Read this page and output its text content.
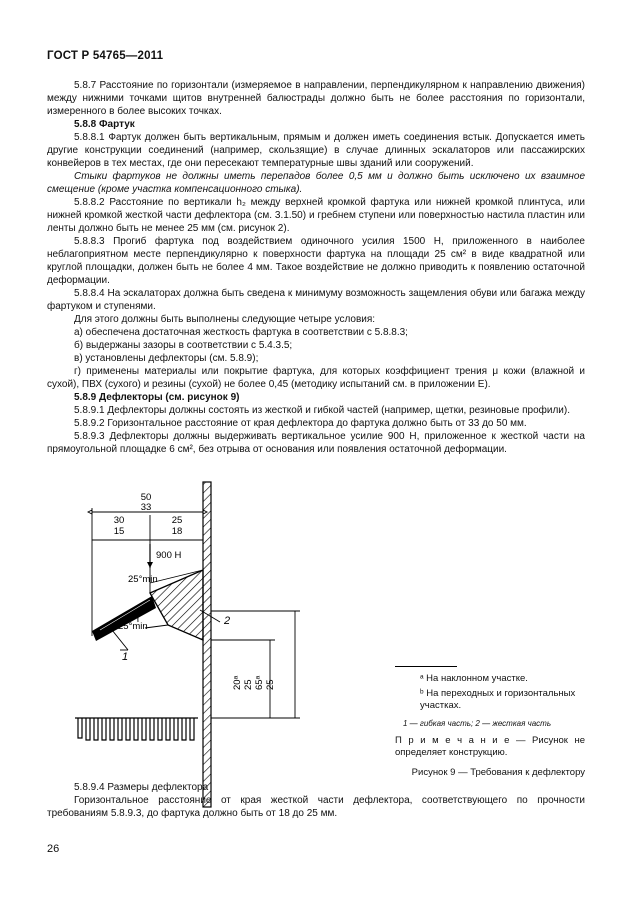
ГОСТ Р 54765—2011

5.8.7 Расстояние по горизонтали (измеряемое в направлении, перпендикулярном к направлению движения) между нижними точками щитов внутренней балюстрады должно быть не более расстояния по горизонтали, измеренного в более высоких точках.

5.8.8 Фартук

5.8.8.1 Фартук должен быть вертикальным, прямым и должен иметь соединения встык. Допускается иметь другие конструкции соединений (например, скользящие) в случае длинных эскалаторов или пассажирских конвейеров в тех местах, где они пересекают температурные швы зданий или сооружений.

Стыки фартуков не должны иметь перепадов более 0,5 мм и должно быть исключено их взаимное смещение (кроме участка компенсационного стыка).

5.8.8.2 Расстояние по вертикали h₂ между верхней кромкой фартука или нижней кромкой плинтуса, или нижней кромкой жесткой части дефлектора (см. 3.1.50) и гребнем ступени или поверхностью настила пластин или ленты должно быть не менее 25 мм (см. рисунок 2).

5.8.8.3 Прогиб фартука под воздействием одиночного усилия 1500 Н, приложенного в наиболее неблагоприятном месте перпендикулярно к поверхности фартука на площади 25 см² в виде квадратной или круглой площадки, должен быть не более 4 мм. Такое воздействие не должно приводить к появлению остаточной деформации.

5.8.8.4 На эскалаторах должна быть сведена к минимуму возможность защемления обуви или багажа между фартуком и ступенями.

Для этого должны быть выполнены следующие четыре условия:

а) обеспечена достаточная жесткость фартука в соответствии с 5.8.8.3;

б) выдержаны зазоры в соответствии с 5.4.3.5;

в) установлены дефлекторы (см. 5.8.9);

г) применены материалы или покрытие фартука, для которых коэффициент трения μ кожи (влажной и сухой), ПВХ (сухого) и резины (сухой) не более 0,45 (методику испытаний см. в приложении Е).

5.8.9 Дефлекторы (см. рисунок 9)

5.8.9.1 Дефлекторы должны состоять из жесткой и гибкой частей (например, щетки, резиновые профили).

5.8.9.2 Горизонтальное расстояние от края дефлектора до фартука должно быть от 33 до 50 мм.

5.8.9.3 Дефлекторы должны выдерживать вертикальное усилие 900 Н, приложенное к жесткой части на прямоугольной площадке 6 см², без отрыва от основания или появления остаточной деформации.

50
33
30
15
25
18
900 Н
25°min
25°min
1
2
20ᵃ 25 65ᵃ 25
ᵃ На наклонном участке.
ᵇ На переходных и горизонтальных участках.
1 — гибкая часть; 2 — жесткая часть
П р и м е ч а н и е — Рисунок не определяет конструкцию.
Рисунок 9 — Требования к дефлектору

5.8.9.4 Размеры дефлектора

Горизонтальное расстояние от края жесткой части дефлектора, соответствующего по прочности требованиям 5.8.9.3, до фартука должно быть от 18 до 25 мм.

26
